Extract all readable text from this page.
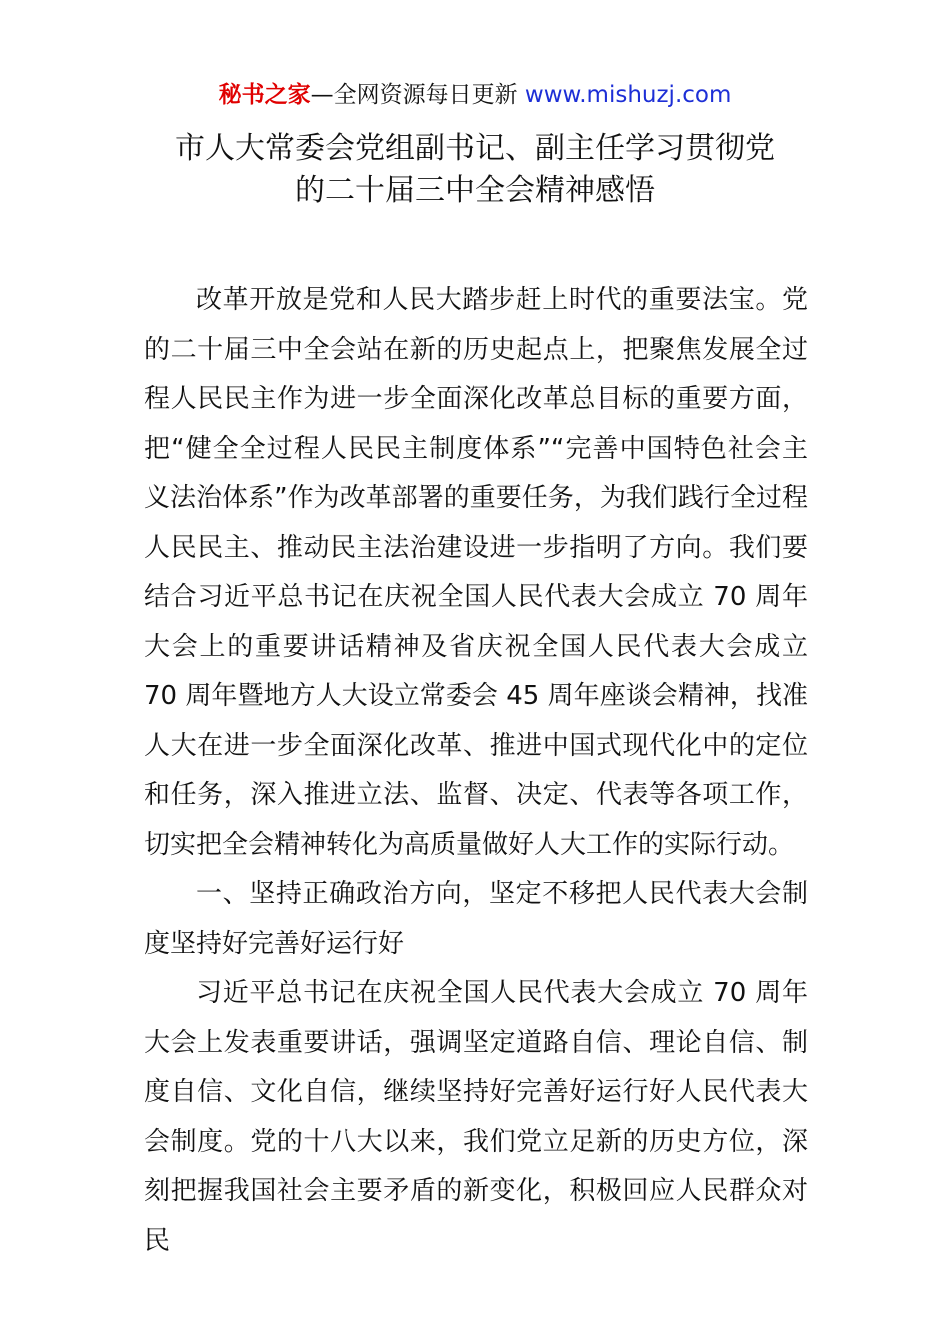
秘书之家—全网资源每日更新 www.mishuzj.com
市人大常委会党组副书记、副主任学习贯彻党
的二十届三中全会精神感悟

改革开放是党和人民大踏步赶上时代的重要法宝。党的二十届三中全会站在新的历史起点上，把聚焦发展全过程人民民主作为进一步全面深化改革总目标的重要方面，把“健全全过程人民民主制度体系”“完善中国特色社会主义法治体系”作为改革部署的重要任务，为我们践行全过程人民民主、推动民主法治建设进一步指明了方向。我们要结合习近平总书记在庆祝全国人民代表大会成立 70 周年大会上的重要讲话精神及省庆祝全国人民代表大会成立 70 周年暨地方人大设立常委会 45 周年座谈会精神，找准人大在进一步全面深化改革、推进中国式现代化中的定位和任务，深入推进立法、监督、决定、代表等各项工作，切实把全会精神转化为高质量做好人大工作的实际行动。

一、坚持正确政治方向，坚定不移把人民代表大会制度坚持好完善好运行好

习近平总书记在庆祝全国人民代表大会成立 70 周年大会上发表重要讲话，强调坚定道路自信、理论自信、制度自信、文化自信，继续坚持好完善好运行好人民代表大会制度。党的十八大以来，我们党立足新的历史方位，深刻把握我国社会主要矛盾的新变化，积极回应人民群众对民
